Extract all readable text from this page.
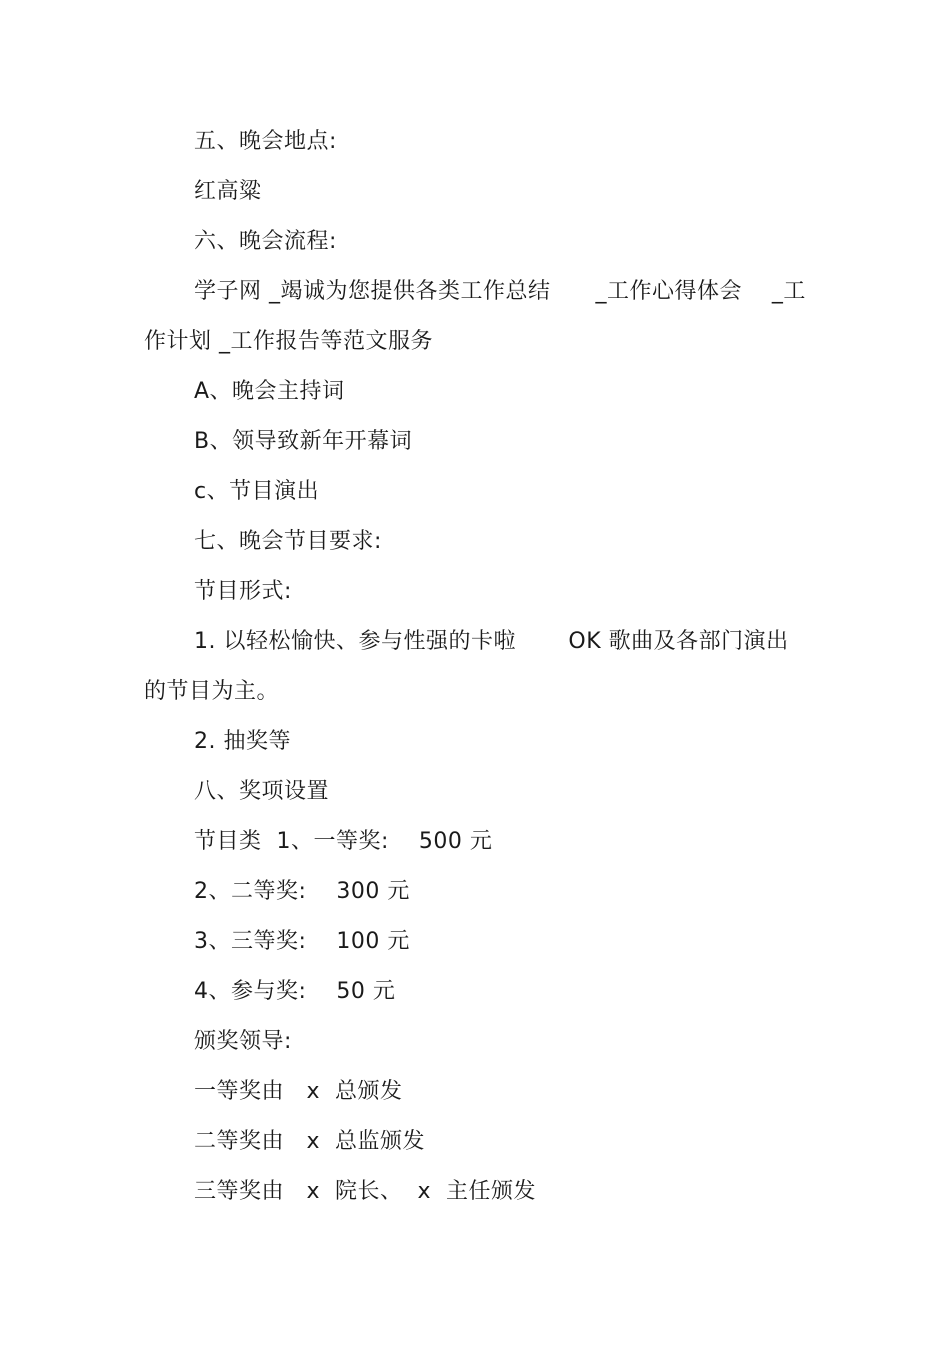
五、晚会地点:
红高粱
六、晚会流程:
学子网 _竭诚为您提供各类工作总结      _工作心得体会    _工
作计划 _工作报告等范文服务
A、晚会主持词
B、领导致新年开幕词
c、节目演出
七、晚会节目要求:
节目形式:
1. 以轻松愉快、参与性强的卡啦       OK 歌曲及各部门演出
的节目为主。
2. 抽奖等
八、奖项设置
节目类  1、一等奖:    500 元
2、二等奖:    300 元
3、三等奖:    100 元
4、参与奖:    50 元
颁奖领导:
一等奖由   x  总颁发
二等奖由   x  总监颁发
三等奖由   x  院长、  x  主任颁发
